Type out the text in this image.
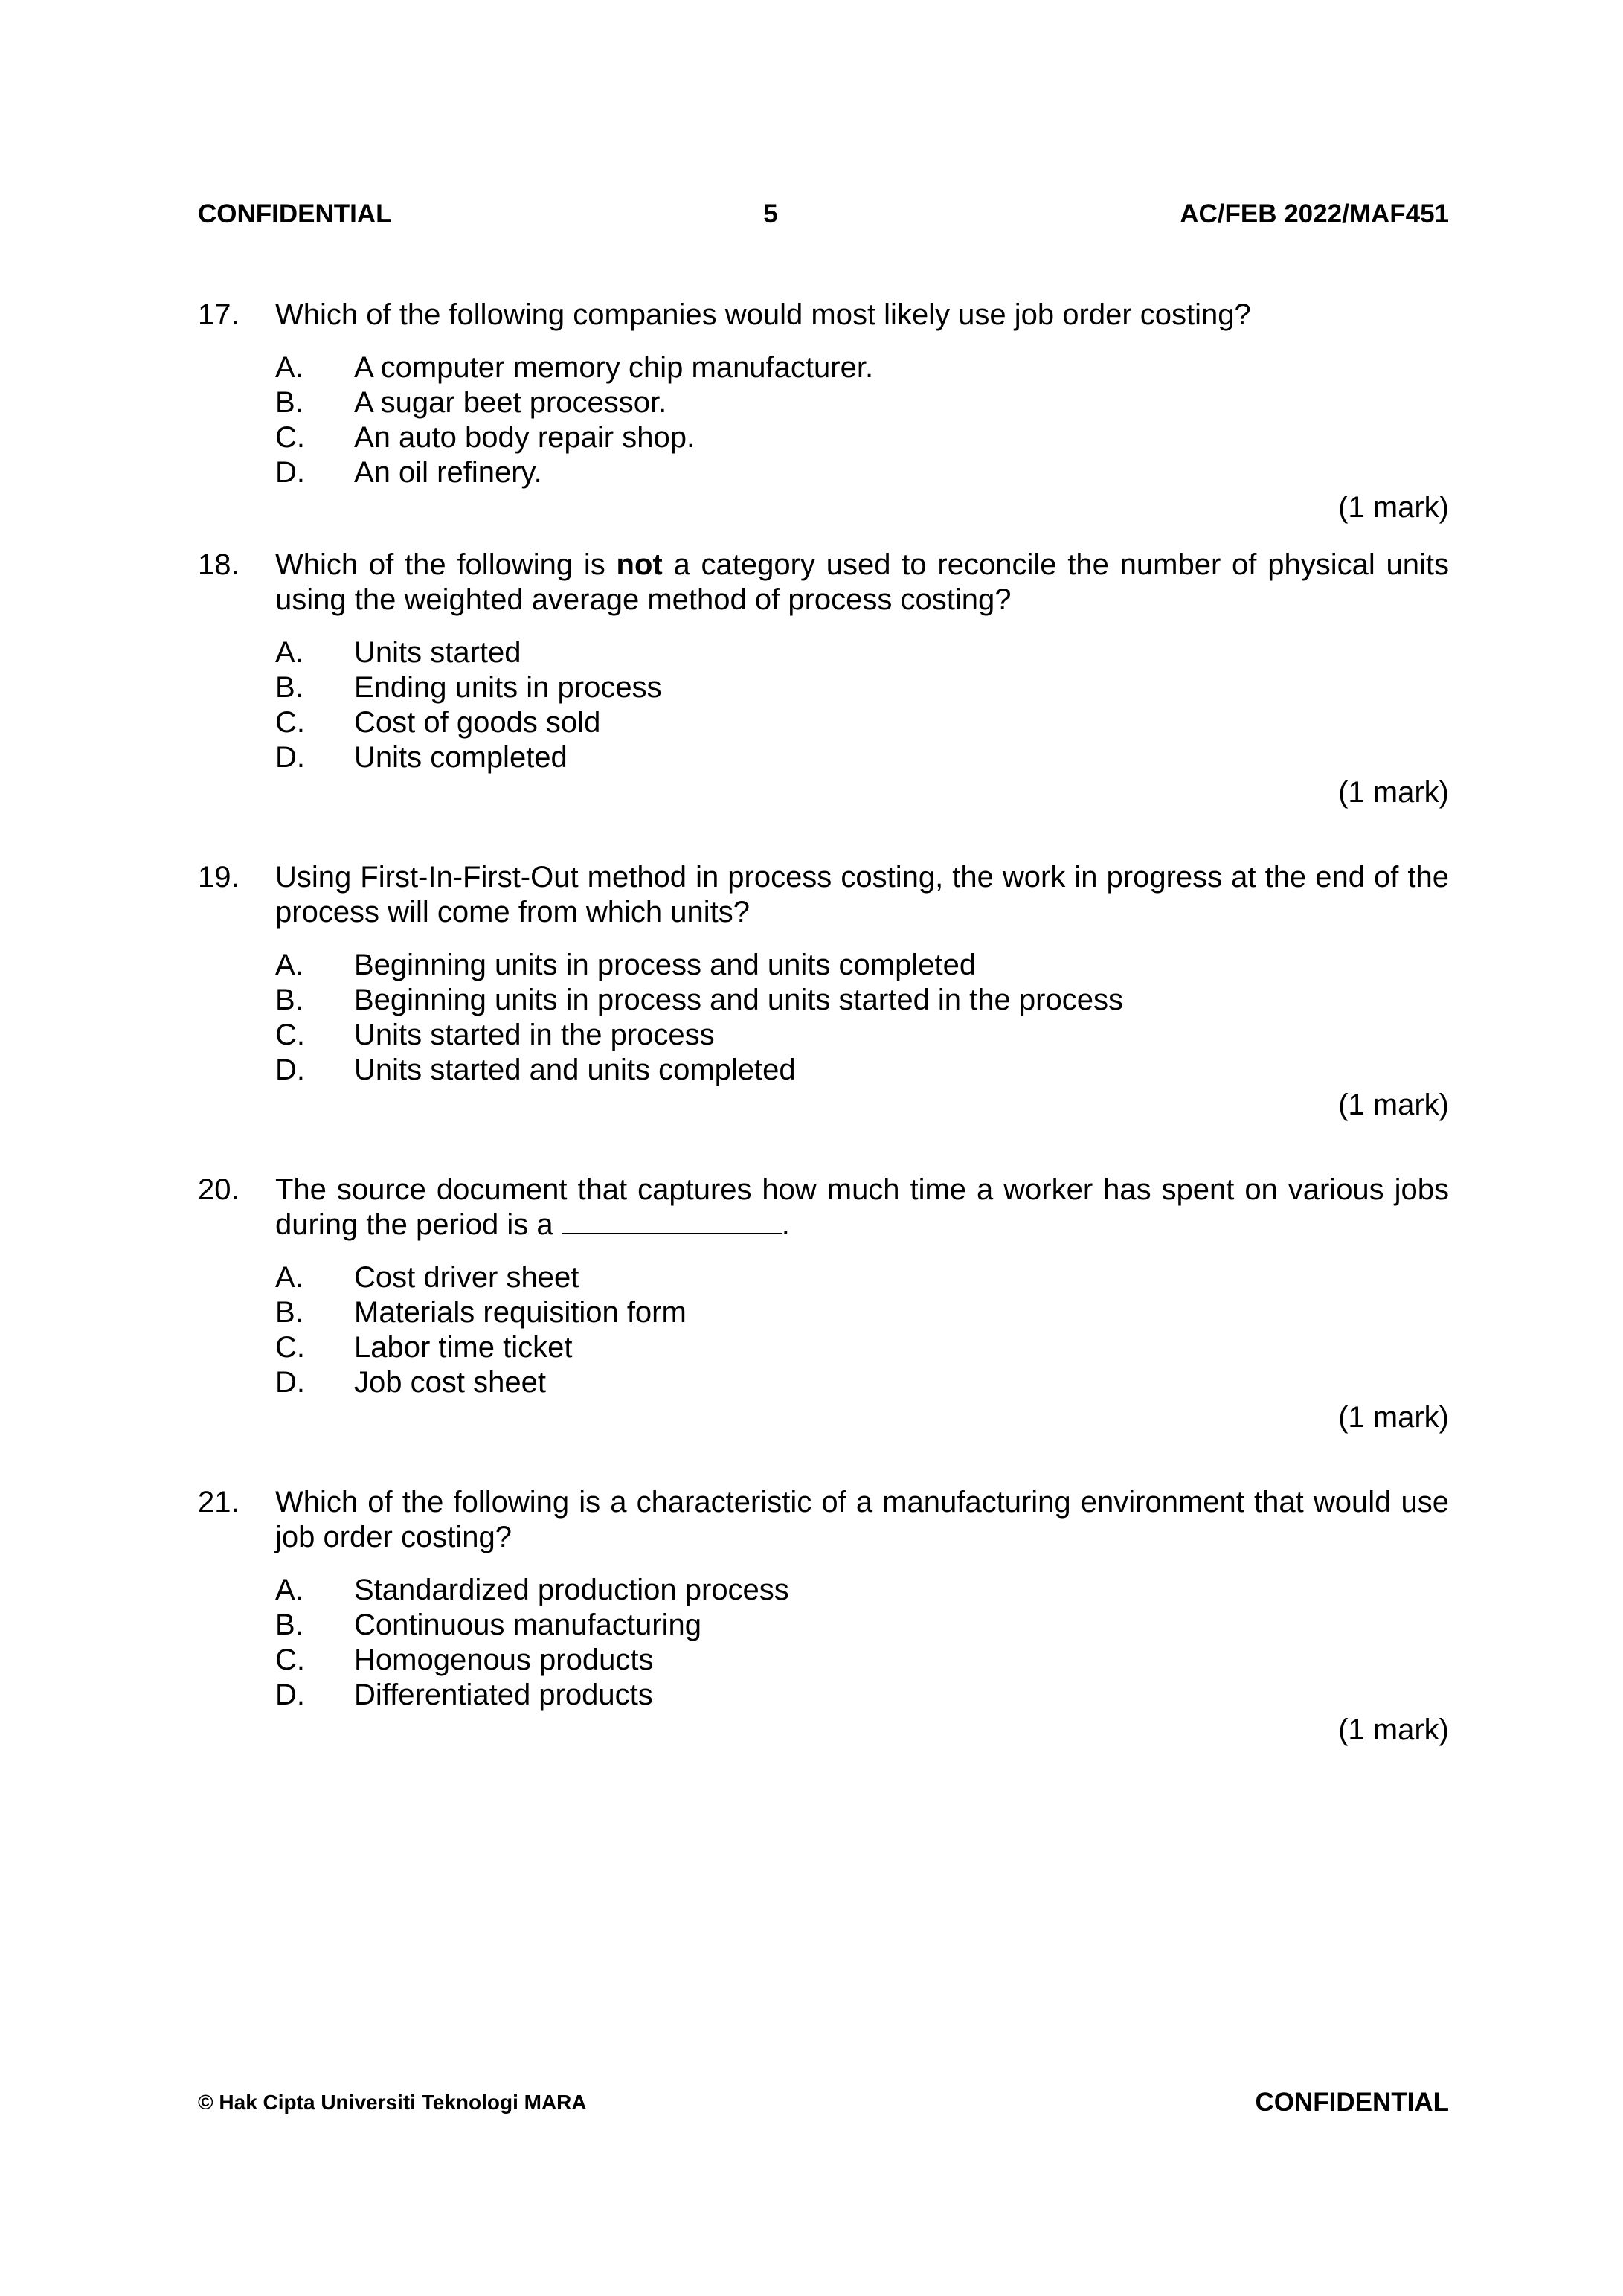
CONFIDENTIAL	5	AC/FEB 2022/MAF451
17.	Which of the following companies would most likely use job order costing?
A.	A computer memory chip manufacturer.
B.	A sugar beet processor.
C.	An auto body repair shop.
D.	An oil refinery.
(1 mark)
18.	Which of the following is not a category used to reconcile the number of physical units using the weighted average method of process costing?
A.	Units started
B.	Ending units in process
C.	Cost of goods sold
D.	Units completed
(1 mark)
19.	Using First-In-First-Out method in process costing, the work in progress at the end of the process will come from which units?
A.	Beginning units in process and units completed
B.	Beginning units in process and units started in the process
C.	Units started in the process
D.	Units started and units completed
(1 mark)
20.	The source document that captures how much time a worker has spent on various jobs during the period is a	.
A.	Cost driver sheet
B.	Materials requisition form
C.	Labor time ticket
D.	Job cost sheet
(1 mark)
21.	Which of the following is a characteristic of a manufacturing environment that would use job order costing?
A.	Standardized production process
B.	Continuous manufacturing
C.	Homogenous products
D.	Differentiated products
(1 mark)
© Hak Cipta Universiti Teknologi MARA	CONFIDENTIAL
